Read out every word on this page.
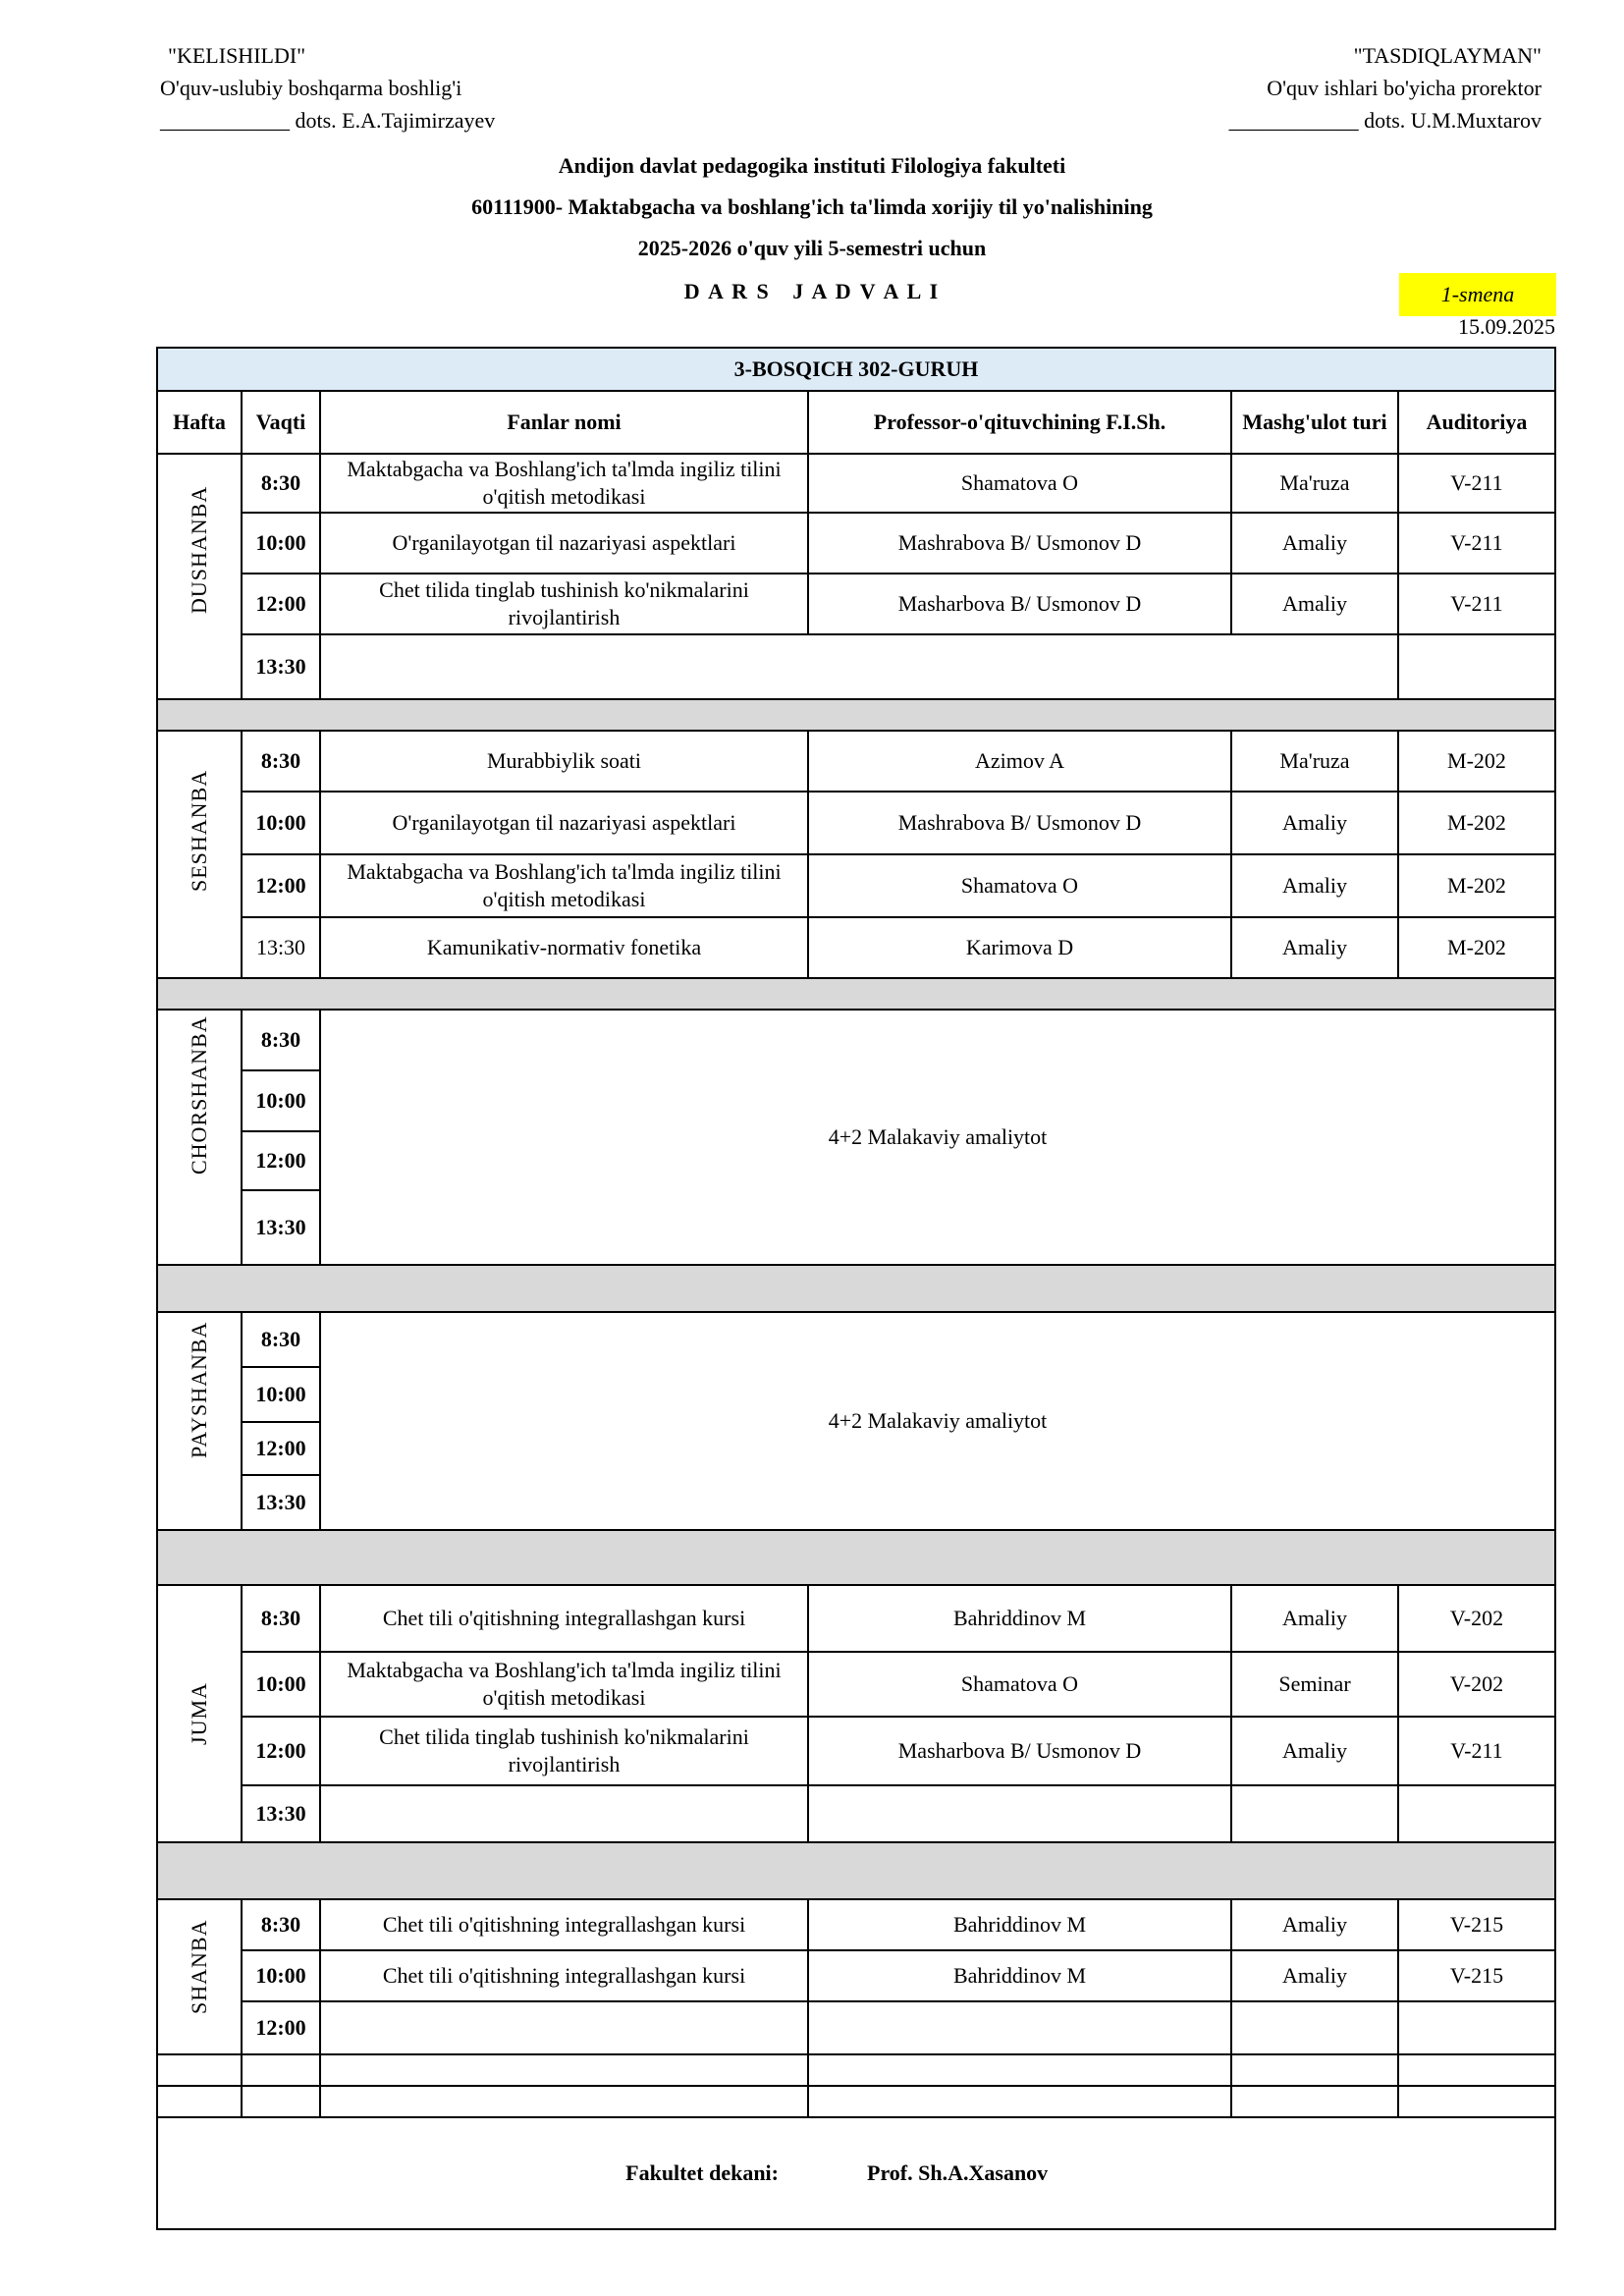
"KELISHILDI"
O'quv-uslubiy boshqarma boshlig'i
____________ dots. E.A.Tajimirzayev
"TASDIQLAYMAN"
O'quv ishlari bo'yicha prorektor
____________ dots. U.M.Muxtarov
Andijon davlat pedagogika instituti Filologiya fakulteti
60111900- Maktabgacha va boshlang'ich ta'limda xorijiy til yo'nalishining
2025-2026 o'quv yili 5-semestri uchun
D A R S   J A D V A L I	1-smena
15.09.2025
3-BOSQICH 302-GURUH					
Hafta	Vaqti	Fanlar nomi	Professor-o'qituvchining F.I.Sh.	Mashg'ulot turi	Auditoriya

DUSHANBA	8:30	Maktabgacha va Boshlang'ich ta'lmda ingiliz tilini o'qitish metodikasi	Shamatova O	Ma'ruza	V-211
	10:00	O'rganilayotgan til nazariyasi aspektlari	Mashrabova B/ Usmonov D	Amaliy	V-211
	12:00	Chet tilida tinglab tushinish ko'nikmalarini rivojlantirish	Masharbova B/ Usmonov D	Amaliy	V-211
	13:30				

SESHANBA	8:30	Murabbiylik soati	Azimov A	Ma'ruza	M-202
	10:00	O'rganilayotgan til nazariyasi aspektlari	Mashrabova B/ Usmonov D	Amaliy	M-202
	12:00	Maktabgacha va Boshlang'ich ta'lmda ingiliz tilini o'qitish metodikasi	Shamatova O	Amaliy	M-202
	13:30	Kamunikativ-normativ fonetika	Karimova D	Amaliy	M-202

CHORSHANBA	8:30	4+2 Malakaviy amaliytot			
	10:00				
	12:00				
	13:30				

PAYSHANBA	8:30	4+2 Malakaviy amaliytot			
	10:00				
	12:00				
	13:30				

JUMA	8:30	Chet tili o'qitishning integrallashgan kursi	Bahriddinov M	Amaliy	V-202
	10:00	Maktabgacha va Boshlang'ich ta'lmda ingiliz tilini o'qitish metodikasi	Shamatova O	Seminar	V-202
	12:00	Chet tilida tinglab tushinish ko'nikmalarini rivojlantirish	Masharbova B/ Usmonov D	Amaliy	V-211
	13:30				

SHANBA	8:30	Chet tili o'qitishning integrallashgan kursi	Bahriddinov M	Amaliy	V-215
	10:00	Chet tili o'qitishning integrallashgan kursi	Bahriddinov M	Amaliy	V-215
	12:00				

Fakultet dekani:			Prof. Sh.A.Xasanov		
